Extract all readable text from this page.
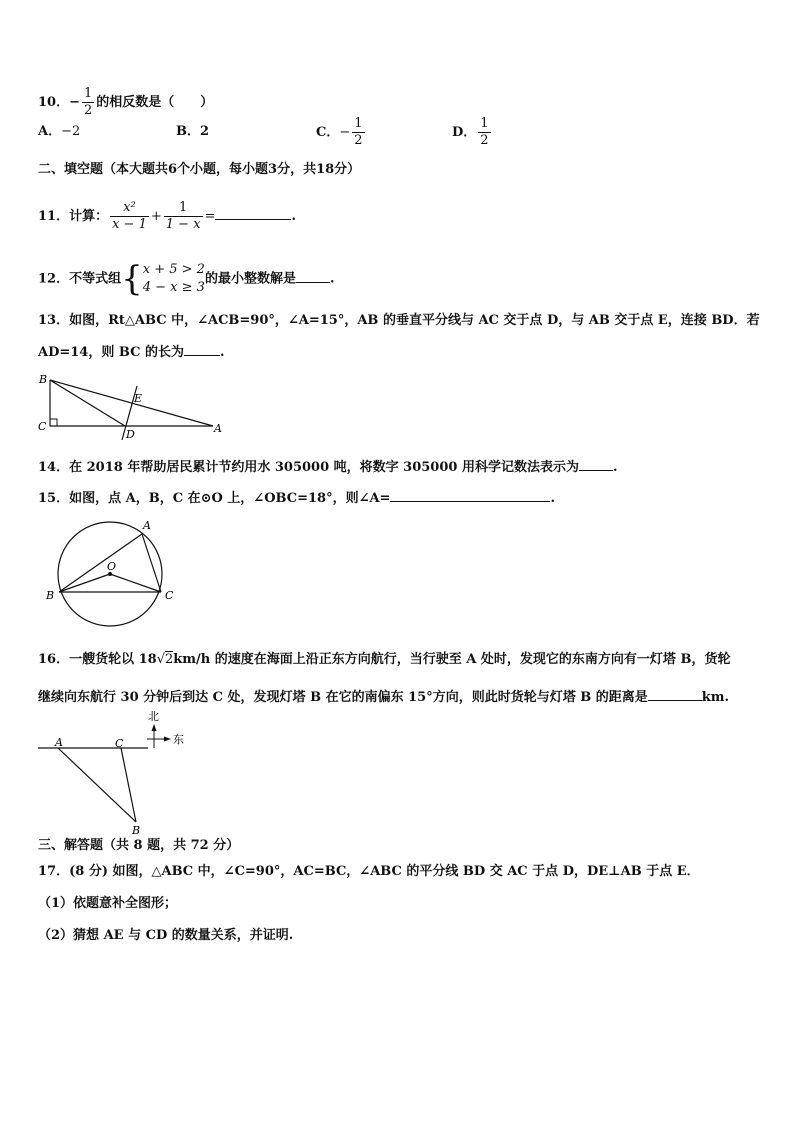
10．− $\frac{1}{2}$ 的相反数是（　　）
A．−2	B．2	C．− $\frac{1}{2}$	D． $\frac{1}{2}$
二、填空题（本大题共6个小题，每小题3分，共18分）
11．计算： $\frac{\text{x²}}{x - 1} + \frac{1}{1 - x}$ =	.
12．不等式组{ x + 5 > 2
4 − x ≥ 3
的最小整数解是	.
13．如图，Rt△ABC 中，∠ACB=90°，∠A=15°，AB 的垂直平分线与 AC 交于点 D，与 AB 交于点 E，连接 BD．若
AD=14，则 BC 的长为	.
B
C
D
E
A
14．在 2018 年帮助居民累计节约用水 305000 吨，将数字 305000 用科学记数法表示为	.
15．如图，点 A，B，C 在⊙O 上，∠OBC=18°，则∠A=	.
A
B	C
O
16．一艘货轮以 18√2km/h 的速度在海面上沿正东方向航行，当行驶至 A 处时，发现它的东南方向有一灯塔 B，货轮
继续向东航行 30 分钟后到达 C 处，发现灯塔 B 在它的南偏东 15°方向，则此时货轮与灯塔 B 的距离是	km.
A	C
B
北
东
三、解答题（共 8 题，共 72 分）
17．(8 分) 如图，△ABC 中，∠C=90°，AC=BC，∠ABC 的平分线 BD 交 AC 于点 D，DE⊥AB 于点 E．
（1）依题意补全图形；
（2）猜想 AE 与 CD 的数量关系，并证明.
